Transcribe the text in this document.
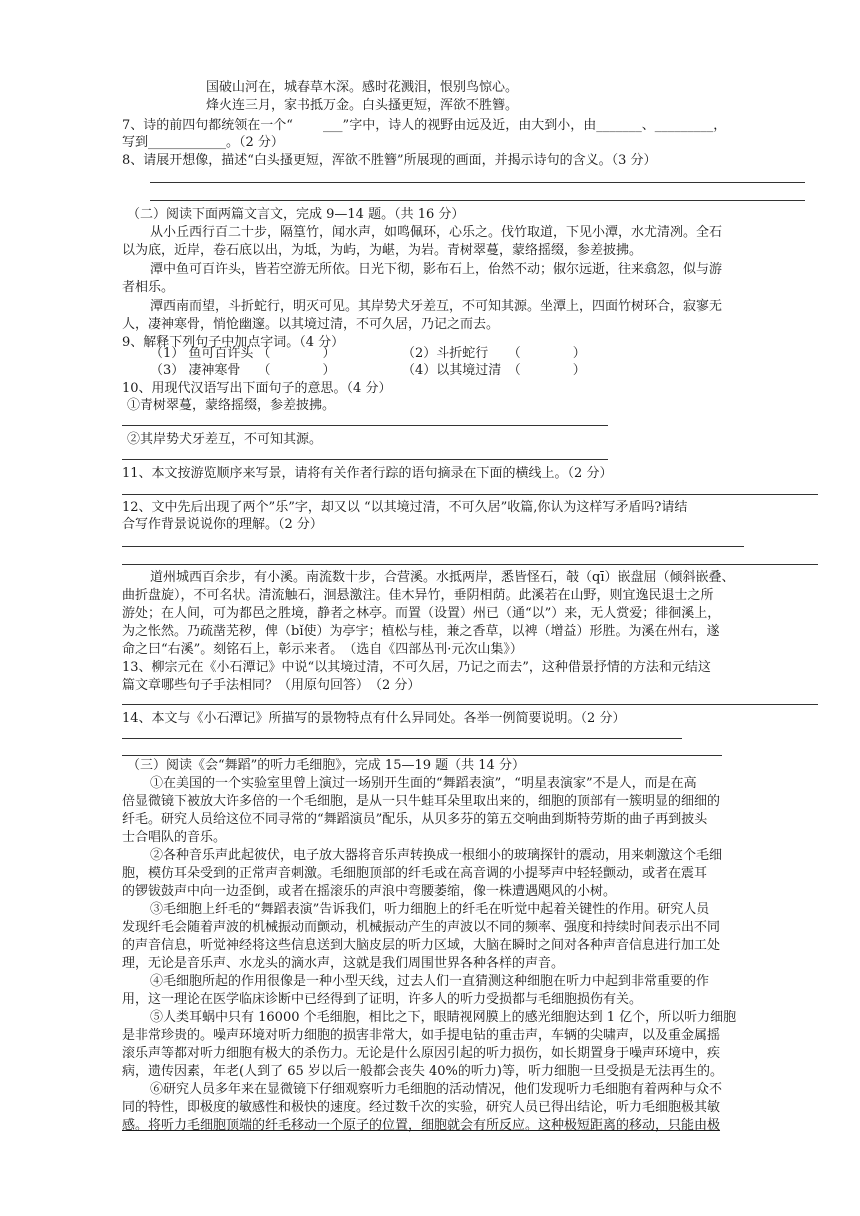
国破山河在，城春草木深。感时花溅泪，恨别鸟惊心。
烽火连三月，家书抵万金。白头搔更短，浑欲不胜簪。
7、诗的前四句都统领在一个“　　 ___”字中，诗人的视野由远及近，由大到小，由_______、_________，
写到____________。（2 分）
8、请展开想像，描述“白头搔更短，浑欲不胜簪”所展现的画面，并揭示诗句的含义。（3 分）
（二）阅读下面两篇文言文，完成 9—14 题。（共 16 分）
从小丘西行百二十步，隔篁竹，闻水声，如鸣佩环，心乐之。伐竹取道，下见小潭，水尤清冽。全石
以为底，近岸，卷石底以出，为坻，为屿，为嵁，为岩。青树翠蔓，蒙络摇缀，参差披拂。
潭中鱼可百许头，皆若空游无所依。日光下彻，影布石上，佁然不动；俶尔远逝，往来翕忽，似与游
者相乐。
潭西南而望，斗折蛇行，明灭可见。其岸势犬牙差互，不可知其源。坐潭上，四面竹树环合，寂寥无
人，凄神寒骨，悄怆幽邃。以其境过清，不可久居，乃记之而去。
9、解释下列句子中加点字词。（4 分）
（1） 鱼可百许头 （　　　　）	（2）斗折蛇行　　（　　　　）
（3） 凄神寒骨　 （　　　　）	（4）以其境过清　（　　　　）
10、用现代汉语写出下面句子的意思。（4 分）
①青树翠蔓，蒙络摇缀，参差披拂。
②其岸势犬牙差互，不可知其源。
11、本文按游览顺序来写景，请将有关作者行踪的语句摘录在下面的横线上。（2 分）
12、文中先后出现了两个”乐”字，却又以 “以其境过清，不可久居”收篇,你认为这样写矛盾吗?请结
合写作背景说说你的理解。（2 分）
道州城西百余步，有小溪。南流数十步，合营溪。水抵两岸，悉皆怪石，攲（qī）嵌盘屈（倾斜嵌叠、
曲折盘旋），不可名状。清流触石，洄悬激注。佳木异竹，垂阴相荫。此溪若在山野，则宜逸民退士之所
游处；在人间，可为都邑之胜境，静者之林亭。而置（设置）州已（通“以”）来，无人赏爱；徘徊溪上，
为之怅然。乃疏凿芜秽，俾（bǐ使）为亭宇；植松与桂，兼之香草，以裨（增益）形胜。为溪在州右，遂
命之曰“右溪”。刻铭石上，彰示来者。　（选自《四部丛刊·元次山集》）
13、柳宗元在《小石潭记》中说“以其境过清，不可久居，乃记之而去”，这种借景抒情的方法和元结这
篇文章哪些句子手法相同？（用原句回答）　（2 分）
14、本文与《小石潭记》所描写的景物特点有什么异同处。各举一例简要说明。（2 分）
（三）阅读《会“舞蹈”的听力毛细胞》，完成 15—19 题（共 14 分）
①在美国的一个实验室里曾上演过一场别开生面的“舞蹈表演”，“明星表演家”不是人，而是在高
倍显微镜下被放大许多倍的一个毛细胞，是从一只牛蛙耳朵里取出来的，细胞的顶部有一簇明显的细细的
纤毛。研究人员给这位不同寻常的“舞蹈演员”配乐，从贝多芬的第五交响曲到斯特劳斯的曲子再到披头
士合唱队的音乐。
②各种音乐声此起彼伏，电子放大器将音乐声转换成一根细小的玻璃探针的震动，用来刺激这个毛细
胞，模仿耳朵受到的正常声音刺激。毛细胞顶部的纤毛或在高音调的小提琴声中轻轻颤动，或者在震耳
的锣钹鼓声中向一边歪倒，或者在摇滚乐的声浪中弯腰萎缩，像一株遭遇飓风的小树。
③毛细胞上纤毛的“舞蹈表演”告诉我们，听力细胞上的纤毛在听觉中起着关键性的作用。研究人员
发现纤毛会随着声波的机械振动而颤动，机械振动产生的声波以不同的频率、强度和持续时间表示出不同
的声音信息，听觉神经将这些信息送到大脑皮层的听力区域，大脑在瞬时之间对各种声音信息进行加工处
理，无论是音乐声、水龙头的滴水声，这就是我们周围世界各种各样的声音。
④毛细胞所起的作用很像是一种小型天线，过去人们一直猜测这种细胞在听力中起到非常重要的作
用，这一理论在医学临床诊断中已经得到了证明，许多人的听力受损都与毛细胞损伤有关。
⑤人类耳蜗中只有 16000 个毛细胞，相比之下，眼睛视网膜上的感光细胞达到 1 亿个，所以听力细胞
是非常珍贵的。噪声环境对听力细胞的损害非常大，如手提电钻的重击声，车辆的尖啸声，以及重金属摇
滚乐声等都对听力细胞有极大的杀伤力。无论是什么原因引起的听力损伤，如长期置身于噪声环境中，疾
病，遗传因素，年老(人到了 65 岁以后一般都会丧失 40%的听力)等，听力细胞一旦受损是无法再生的。
⑥研究人员多年来在显微镜下仔细观察听力毛细胞的活动情况，他们发现听力毛细胞有着两种与众不
同的特性，即极度的敏感性和极快的速度。经过数千次的实验，研究人员已得出结论，听力毛细胞极其敏
感。将听力毛细胞顶端的纤毛移动一个原子的位置，细胞就会有所反应。这种极短距离的移动，只能由极
